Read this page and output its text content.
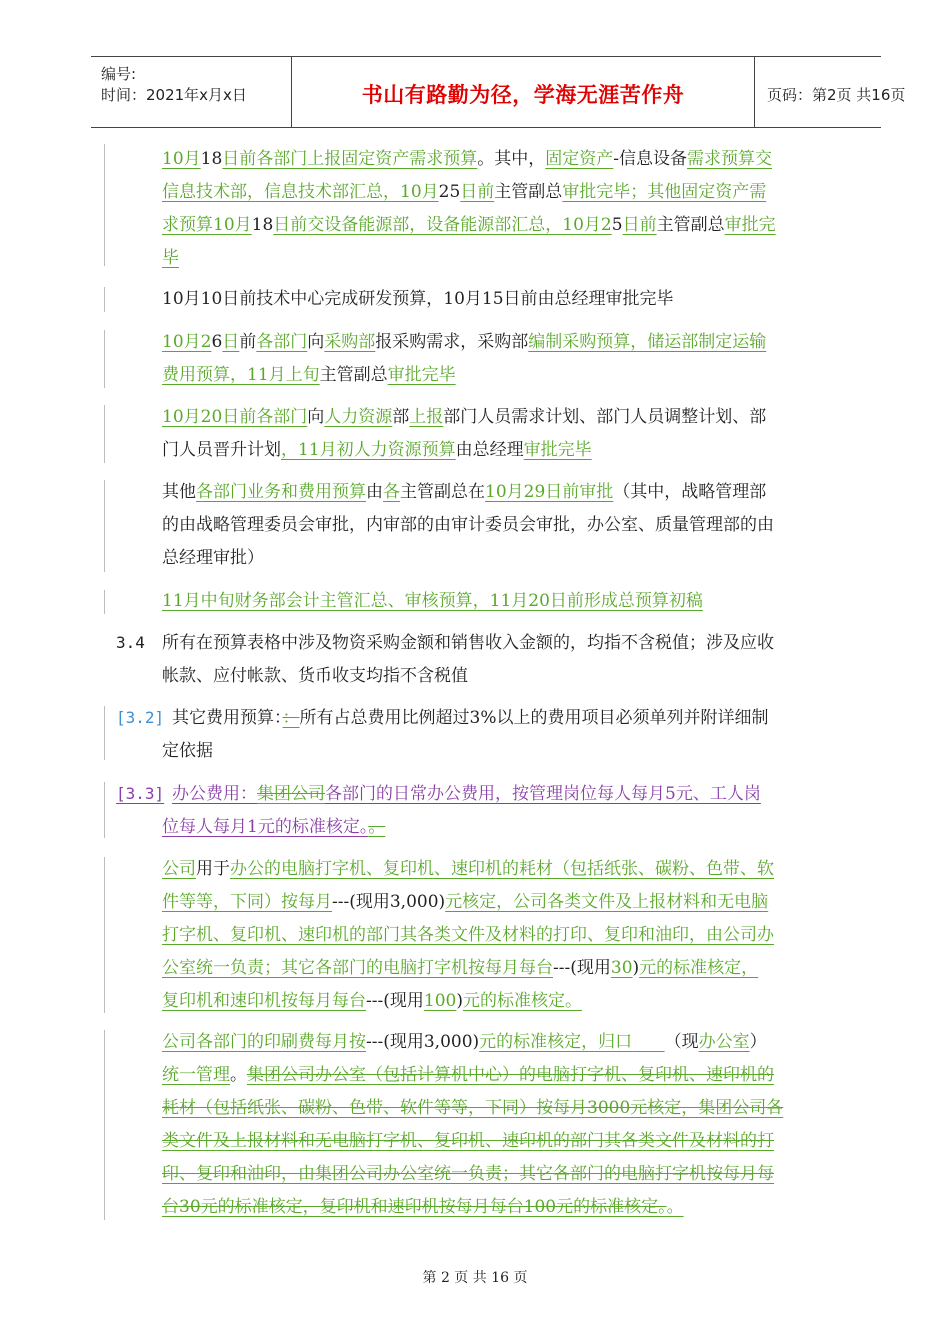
编号:
时间：2021年x月x日	书山有路勤为径，学海无涯苦作舟	页码：第2页 共16页
10月18日前各部门上报固定资产需求预算。其中，固定资产-信息设备需求预算交
信息技术部，信息技术部汇总，10月25日前主管副总审批完毕；其他固定资产需
求预算10月18日前交设备能源部，设备能源部汇总，10月25日前主管副总审批完
毕
10月10日前技术中心完成研发预算，10月15日前由总经理审批完毕
10月26日前各部门向采购部报采购需求，采购部编制采购预算，储运部制定运输
费用预算，11月上旬主管副总审批完毕
10月20日前各部门向人力资源部上报部门人员需求计划、部门人员调整计划、部
门人员晋升计划，11月初人力资源预算由总经理审批完毕
其他各部门业务和费用预算由各主管副总在10月29日前审批（其中，战略管理部
的由战略管理委员会审批，内审部的由审计委员会审批，办公室、质量管理部的由
总经理审批）
11月中旬财务部会计主管汇总、审核预算，11月20日前形成总预算初稿
3.4 所有在预算表格中涉及物资采购金额和销售收入金额的，均指不含税值；涉及应收
帐款、应付帐款、货币收支均指不含税值
[3.2] 其它费用预算：：所有占总费用比例超过3%以上的费用项目必须单列并附详细制
定依据
[3.3] 办公费用：集团公司各部门的日常办公费用，按管理岗位每人每月5元、工人岗
位每人每月1元的标准核定。。
公司用于办公的电脑打字机、复印机、速印机的耗材（包括纸张、碳粉、色带、软
件等等，下同）按每月---(现用3,000)元核定，公司各类文件及上报材料和无电脑
打字机、复印机、速印机的部门其各类文件及材料的打印、复印和油印，由公司办
公室统一负责；其它各部门的电脑打字机按每月每台---(现用30)元的标准核定，
复印机和速印机按每月每台---(现用100)元的标准核定。
公司各部门的印刷费每月按---(现用3,000)元的标准核定，归口 （现办公室）
统一管理。集团公司办公室（包括计算机中心）的电脑打字机、复印机、速印机的
耗材（包括纸张、碳粉、色带、软件等等，下同）按每月3000元核定，集团公司各
类文件及上报材料和无电脑打字机、复印机、速印机的部门其各类文件及材料的打
印、复印和油印，由集团公司办公室统一负责；其它各部门的电脑打字机按每月每
台30元的标准核定，复印机和速印机按每月每台100元的标准核定。。
第 2 页 共 16 页
